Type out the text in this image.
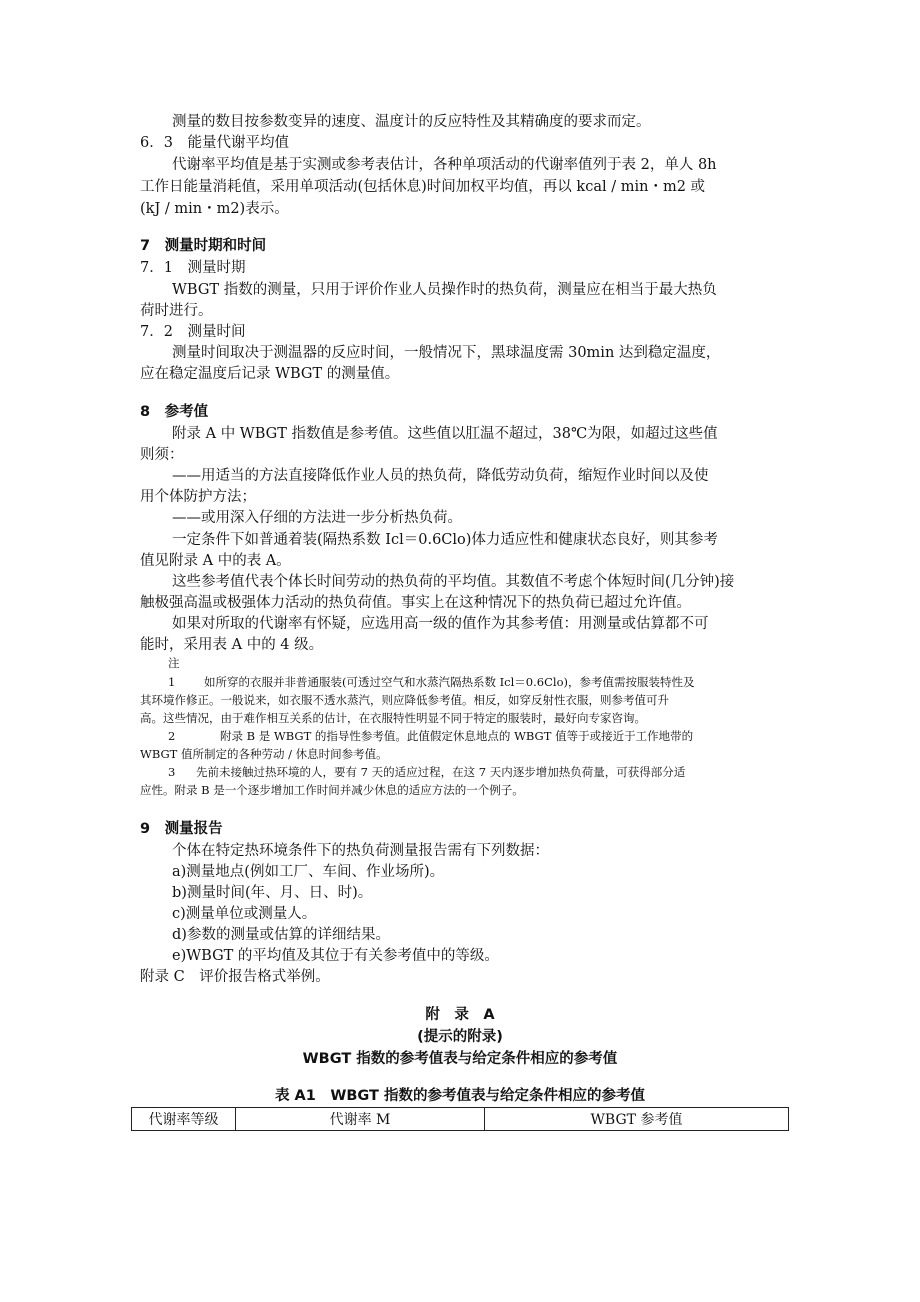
测量的数目按参数变异的速度、温度计的反应特性及其精确度的要求而定。
6．3　能量代谢平均值
代谢率平均值是基于实测或参考表估计，各种单项活动的代谢率值列于表 2，单人 8h
工作日能量消耗值，采用单项活动(包括休息)时间加权平均值，再以 kcal / min・m2 或
(kJ / min・m2)表示。
7　测量时期和时间
7．1　测量时期
WBGT 指数的测量，只用于评价作业人员操作时的热负荷，测量应在相当于最大热负
荷时进行。
7．2　测量时间
测量时间取决于测温器的反应时间，一般情况下，黑球温度需 30min 达到稳定温度，
应在稳定温度后记录 WBGT 的测量值。
8　参考值
附录 A 中 WBGT 指数值是参考值。这些值以肛温不超过，38℃为限，如超过这些值
则须：
——用适当的方法直接降低作业人员的热负荷，降低劳动负荷，缩短作业时间以及使
用个体防护方法；
——或用深入仔细的方法进一步分析热负荷。
一定条件下如普通着装(隔热系数 Icl＝0.6Clo)体力适应性和健康状态良好，则其参考
值见附录 A 中的表 A。
这些参考值代表个体长时间劳动的热负荷的平均值。其数值不考虑个体短时间(几分钟)接
触极强高温或极强体力活动的热负荷值。事实上在这种情况下的热负荷已超过允许值。
如果对所取的代谢率有怀疑，应选用高一级的值作为其参考值：用测量或估算都不可
能时，采用表 A 中的 4 级。
注
1 如所穿的衣服并非普通服装(可透过空气和水蒸汽隔热系数 Icl＝0.6Clo)，参考值需按服装特性及
其环境作修正。一般说来，如衣服不透水蒸汽，则应降低参考值。相反，如穿反射性衣服，则参考值可升
高。这些情况，由于难作相互关系的估计，在衣服特性明显不同于特定的服装时，最好向专家咨询。
2	附录 B 是 WBGT 的指导性参考值。此值假定休息地点的 WBGT 值等于或接近于工作地带的
WBGT 值所制定的各种劳动 / 休息时间参考值。
3 先前未接触过热环境的人，要有 7 天的适应过程，在这 7 天内逐步增加热负荷量，可获得部分适
应性。附录 B 是一个逐步增加工作时间并减少休息的适应方法的一个例子。
9　测量报告
个体在特定热环境条件下的热负荷测量报告需有下列数据：
a)测量地点(例如工厂、车间、作业场所)。
b)测量时间(年、月、日、时)。
c)测量单位或测量人。
d)参数的测量或估算的详细结果。
e)WBGT 的平均值及其位于有关参考值中的等级。
附录 C　评价报告格式举例。
附　录　A
(提示的附录)
WBGT 指数的参考值表与给定条件相应的参考值
表 A1　WBGT 指数的参考值表与给定条件相应的参考值
代谢率等级	代谢率 M	WBGT 参考值
